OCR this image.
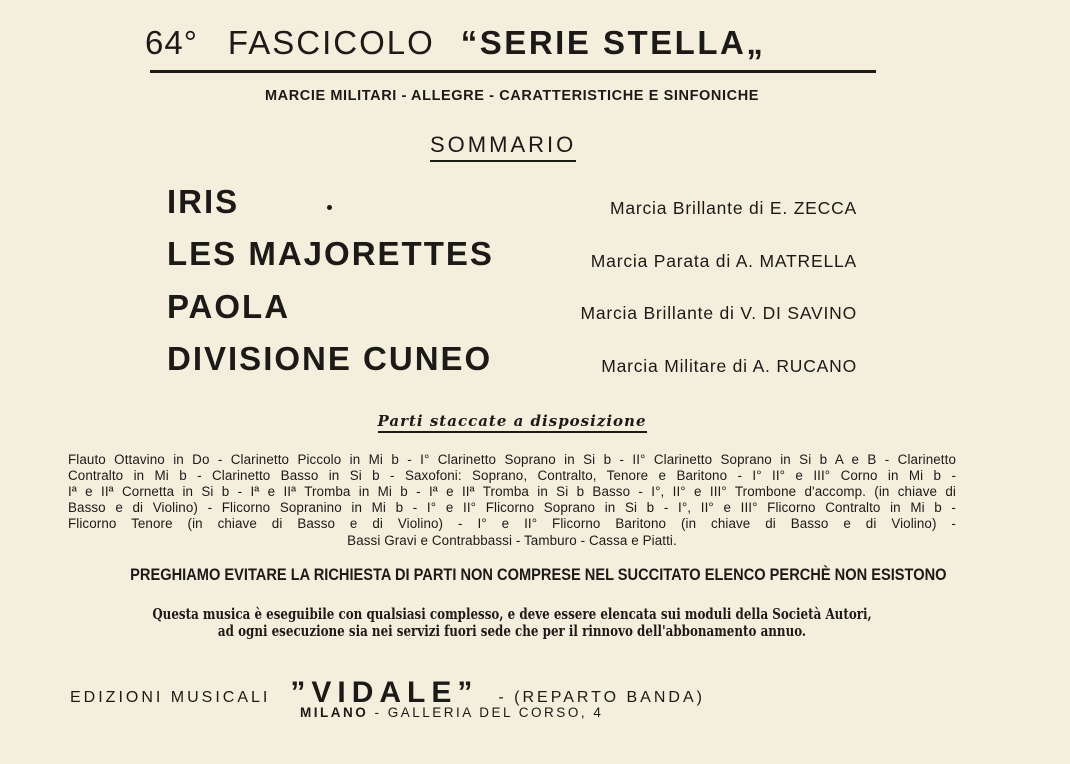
64° FASCICOLO “SERIE STELLA„
MARCIE MILITARI - ALLEGRE - CARATTERISTICHE E SINFONICHE
SOMMARIO
IRIS	Marcia Brillante di E. ZECCA
LES MAJORETTES	Marcia Parata di A. MATRELLA
PAOLA	Marcia Brillante di V. DI SAVINO
DIVISIONE CUNEO	Marcia Militare di A. RUCANO
Parti staccate a disposizione
Flauto Ottavino in Do - Clarinetto Piccolo in Mi b - I° Clarinetto Soprano in Si b - II° Clarinetto Soprano in Si b A e B - Clarinetto
Contralto in Mi b - Clarinetto Basso in Si b - Saxofoni: Soprano, Contralto, Tenore e Baritono - I° II° e III° Corno in Mi b -
Iª e IIª Cornetta in Si b - Iª e IIª Tromba in Mi b - Iª e IIª Tromba in Si b Basso - I°, II° e III° Trombone d'accomp. (in chiave di
Basso e di Violino) - Flicorno Sopranino in Mi b - I° e II° Flicorno Soprano in Si b - I°, II° e III° Flicorno Contralto in Mi b -
Flicorno Tenore (in chiave di Basso e di Violino) - I° e II° Flicorno Baritono (in chiave di Basso e di Violino) -
Bassi Gravi e Contrabbassi - Tamburo - Cassa e Piatti.
PREGHIAMO EVITARE LA RICHIESTA DI PARTI NON COMPRESE NEL SUCCITATO ELENCO PERCHÈ NON ESISTONO
Questa musica è eseguibile con qualsiasi complesso, e deve essere elencata sui moduli della Società Autori,
ad ogni esecuzione sia nei servizi fuori sede che per il rinnovo dell'abbonamento annuo.
EDIZIONI MUSICALI ”VIDALE” - (REPARTO BANDA)
MILANO - GALLERIA DEL CORSO, 4
